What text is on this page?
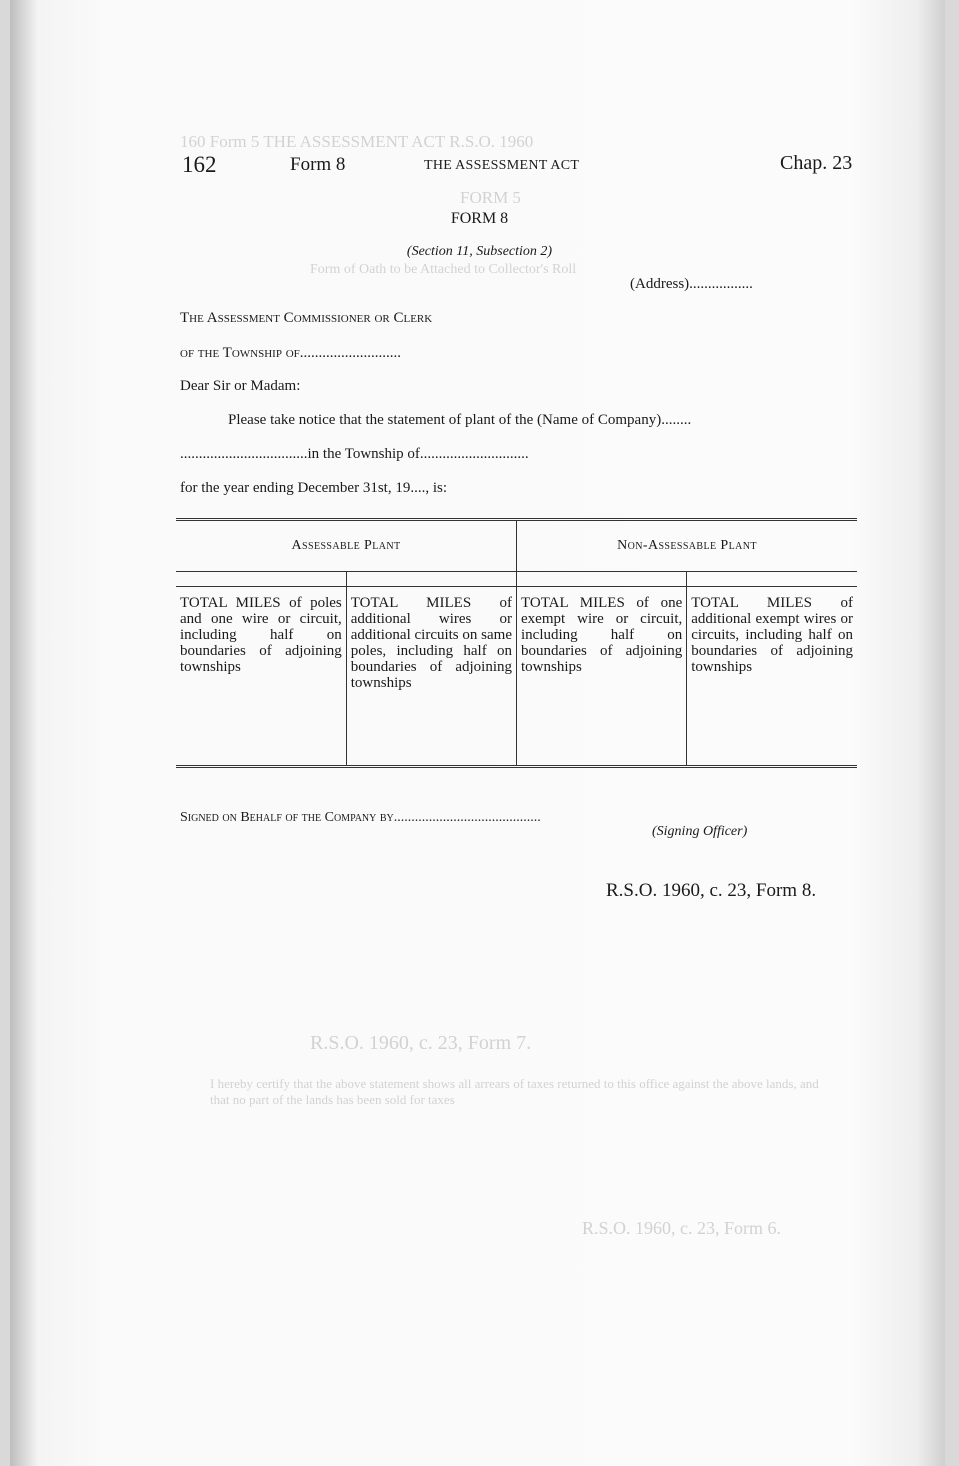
160 Form 5 THE ASSESSMENT ACT R.S.O. 1960
FORM 5
Form of Oath to be Attached to Collector's Roll
R.S.O. 1960, c. 23, Form 7.
I hereby certify that the above statement shows all arrears of taxes returned to this office against the above lands, and that no part of the lands has been sold for taxes
R.S.O. 1960, c. 23, Form 6.
162	Form 8	THE ASSESSMENT ACT	Chap. 23
FORM 8
(Section 11, Subsection 2)
(Address).................
The Assessment Commissioner or Clerk
of the Township of...........................
Dear Sir or Madam:
Please take notice that the statement of plant of the (Name of Company)........
..................................in the Township of.............................
for the year ending December 31st, 19...., is:
Assessable Plant		Non-Assessable Plant	

TOTAL MILES of poles and one wire or circuit, including half on boundaries of adjoining townships	TOTAL MILES of additional wires or additional circuits on same poles, including half on boundaries of adjoining townships	TOTAL MILES of one exempt wire or circuit, including half on boundaries of adjoining townships	TOTAL MILES of additional exempt wires or circuits, including half on boundaries of adjoining townships
Signed on Behalf of the Company by..........................................
(Signing Officer)
R.S.O. 1960, c. 23, Form 8.
